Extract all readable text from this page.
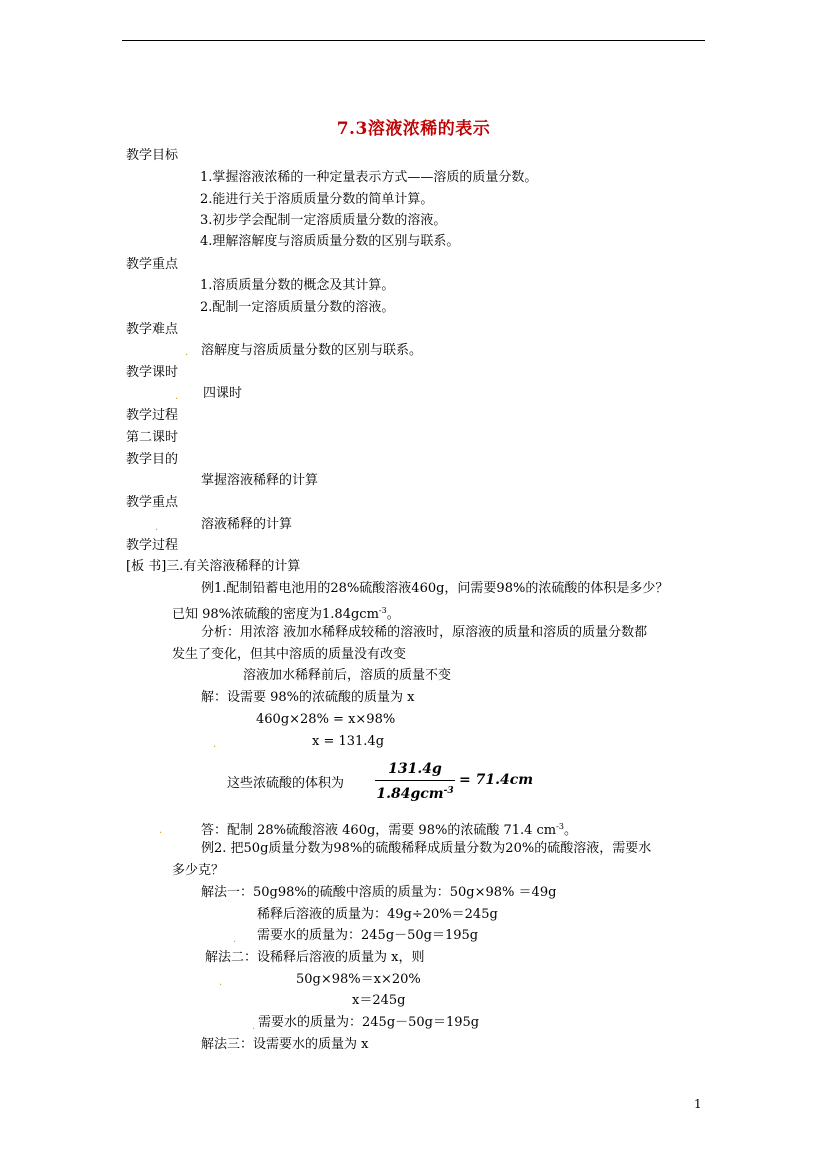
7.3溶液浓稀的表示
教学目标
1.掌握溶液浓稀的一种定量表示方式——溶质的质量分数。
2.能进行关于溶质质量分数的简单计算。
3.初步学会配制一定溶质质量分数的溶液。
4.理解溶解度与溶质质量分数的区别与联系。
教学重点
1.溶质质量分数的概念及其计算。
2.配制一定溶质质量分数的溶液。
教学难点
. 溶解度与溶质质量分数的区别与联系。
教学课时
. 四课时
教学过程
第二课时
教学目的
掌握溶液稀释的计算
教学重点
.	溶液稀释的计算
教学过程
[板 书]三.有关溶液稀释的计算
例1.配制铅蓄电池用的28%硫酸溶液460g，问需要98%的浓硫酸的体积是多少？
已知 98%浓硫酸的密度为1.84gcm$^{-3}$。
分析：用浓溶 液加水稀释成较稀的溶液时，原溶液的质量和溶质的质量分数都
发生了变化，但其中溶质的质量没有改变
溶液加水稀释前后，溶质的质量不变
解：设需要 98%的浓硫酸的质量为 x
460g×28% = x×98%
.	x = 131.4g
这些浓硫酸的体积为
131.4g
1.84gcm$^{-3}$
= 71.4cm
.	答：配制 28%硫酸溶液 460g，需要 98%的浓硫酸 71.4 $cm^{-3}$。
例2. 把50g质量分数为98%的硫酸稀释成质量分数为20%的硫酸溶液，需要水
多少克？
解法一：50g98%的硫酸中溶质的质量为：50g×98% ＝49g
稀释后溶液的质量为：49g÷20%＝245g
. 需要水的质量为：245g－50g＝195g
解法二：设稀释后溶液的质量为 x，则
.	50g×98%＝x×20%
x＝245g
. 需要水的质量为：245g－50g＝195g
解法三：设需要水的质量为 x
1
